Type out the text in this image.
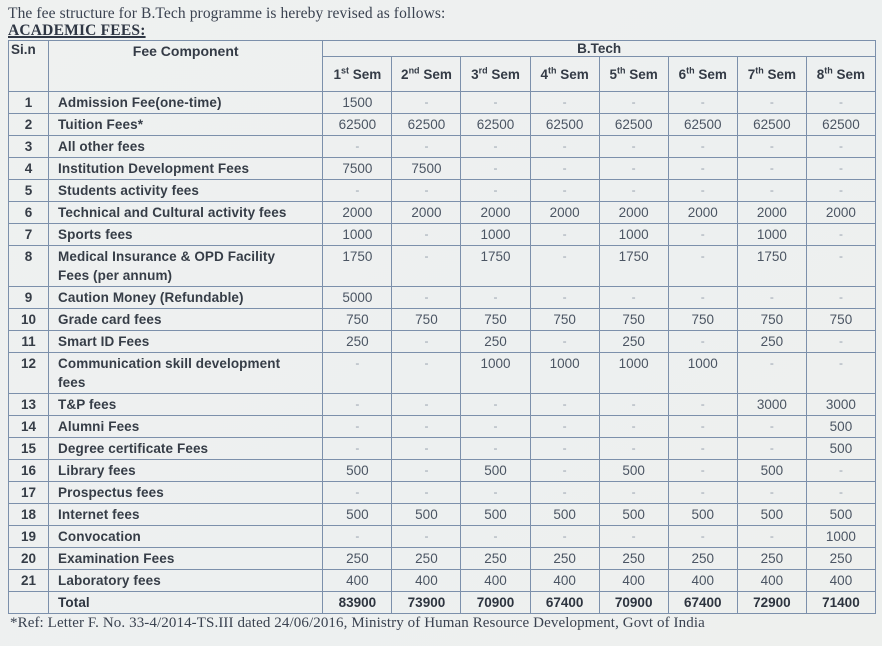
The fee structure for B.Tech programme is hereby revised as follows:
ACADEMIC FEES:
Si.n	Fee Component	B.Tech							
		1st Sem	2nd Sem	3rd Sem	4th Sem	5th Sem	6th Sem	7th Sem	8th Sem
1	Admission Fee(one-time)	1500	-	-	-	-	-	-	-
2	Tuition Fees*	62500	62500	62500	62500	62500	62500	62500	62500
3	All other fees	-	-	-	-	-	-	-	-
4	Institution Development Fees	7500	7500	-	-	-	-	-	-
5	Students activity fees	-	-	-	-	-	-	-	-
6	Technical and Cultural activity fees	2000	2000	2000	2000	2000	2000	2000	2000
7	Sports fees	1000	-	1000	-	1000	-	1000	-
8	Medical Insurance & OPD Facility
Fees (per annum)	1750	-	1750	-	1750	-	1750	-
9	Caution Money (Refundable)	5000	-	-	-	-	-	-	-
10	Grade card fees	750	750	750	750	750	750	750	750
11	Smart ID Fees	250	-	250	-	250	-	250	-
12	Communication skill development
fees	-	-	1000	1000	1000	1000	-	-
13	T&P fees	-	-	-	-	-	-	3000	3000
14	Alumni Fees	-	-	-	-	-	-	-	500
15	Degree certificate Fees	-	-	-	-	-	-	-	500
16	Library fees	500	-	500	-	500	-	500	-
17	Prospectus fees	-	-	-	-	-	-	-	-
18	Internet fees	500	500	500	500	500	500	500	500
19	Convocation	-	-	-	-	-	-	-	1000
20	Examination Fees	250	250	250	250	250	250	250	250
21	Laboratory fees	400	400	400	400	400	400	400	400
	Total	83900	73900	70900	67400	70900	67400	72900	71400
*Ref: Letter F. No. 33-4/2014-TS.III dated 24/06/2016, Ministry of Human Resource Development, Govt of India
